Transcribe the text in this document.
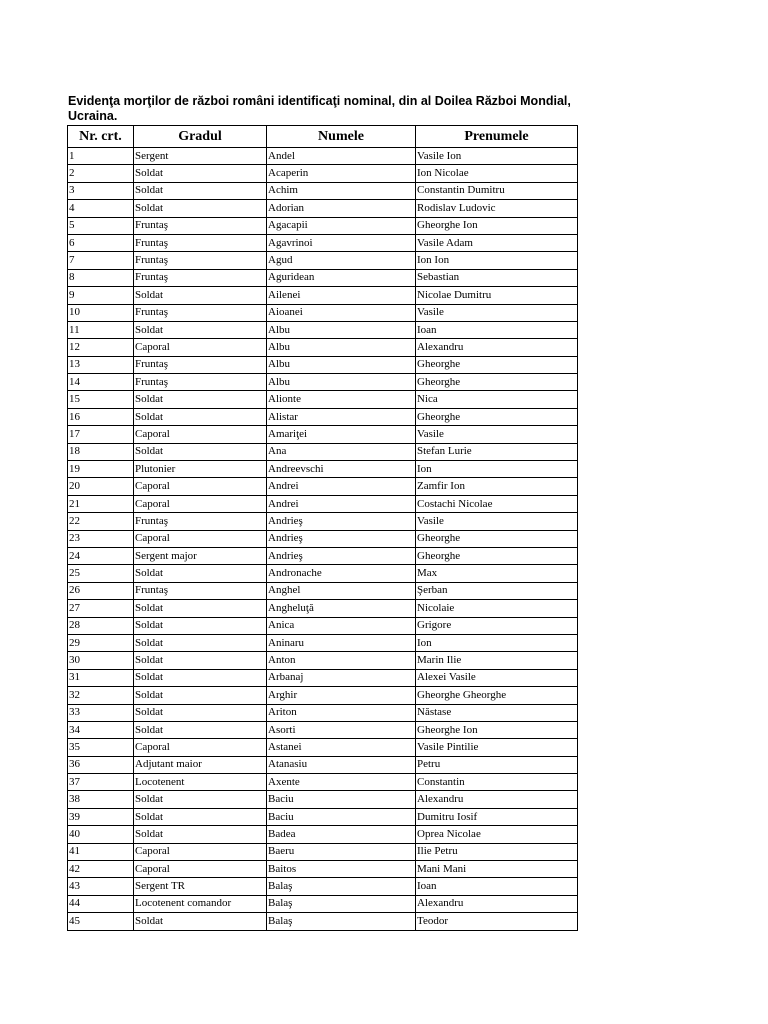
Evidenţa morţilor de război români identificaţi nominal, din al Doilea Război Mondial, Ucraina.
Nr. crt.	Gradul	Numele	Prenumele
1	Sergent	Andel	Vasile Ion
2	Soldat	Acaperin	Ion Nicolae
3	Soldat	Achim	Constantin Dumitru
4	Soldat	Adorian	Rodislav Ludovic
5	Fruntaş	Agacapii	Gheorghe Ion
6	Fruntaş	Agavrinoi	Vasile Adam
7	Fruntaş	Agud	Ion Ion
8	Fruntaş	Aguridean	Sebastian
9	Soldat	Ailenei	Nicolae Dumitru
10	Fruntaş	Aioanei	Vasile
11	Soldat	Albu	Ioan
12	Caporal	Albu	Alexandru
13	Fruntaş	Albu	Gheorghe
14	Fruntaş	Albu	Gheorghe
15	Soldat	Alionte	Nica
16	Soldat	Alistar	Gheorghe
17	Caporal	Amariţei	Vasile
18	Soldat	Ana	Stefan Lurie
19	Plutonier	Andreevschi	Ion
20	Caporal	Andrei	Zamfir Ion
21	Caporal	Andrei	Costachi Nicolae
22	Fruntaş	Andrieş	Vasile
23	Caporal	Andrieş	Gheorghe
24	Sergent major	Andrieş	Gheorghe
25	Soldat	Andronache	Max
26	Fruntaş	Anghel	Şerban
27	Soldat	Angheluţă	Nicolaie
28	Soldat	Anica	Grigore
29	Soldat	Aninaru	Ion
30	Soldat	Anton	Marin Ilie
31	Soldat	Arbanaj	Alexei Vasile
32	Soldat	Arghir	Gheorghe Gheorghe
33	Soldat	Ariton	Năstase
34	Soldat	Asorti	Gheorghe Ion
35	Caporal	Astanei	Vasile Pintilie
36	Adjutant maior	Atanasiu	Petru
37	Locotenent	Axente	Constantin
38	Soldat	Baciu	Alexandru
39	Soldat	Baciu	Dumitru Iosif
40	Soldat	Badea	Oprea Nicolae
41	Caporal	Baeru	Ilie Petru
42	Caporal	Baitos	Mani Mani
43	Sergent TR	Balaş	Ioan
44	Locotenent comandor	Balaş	Alexandru
45	Soldat	Balaş	Teodor
